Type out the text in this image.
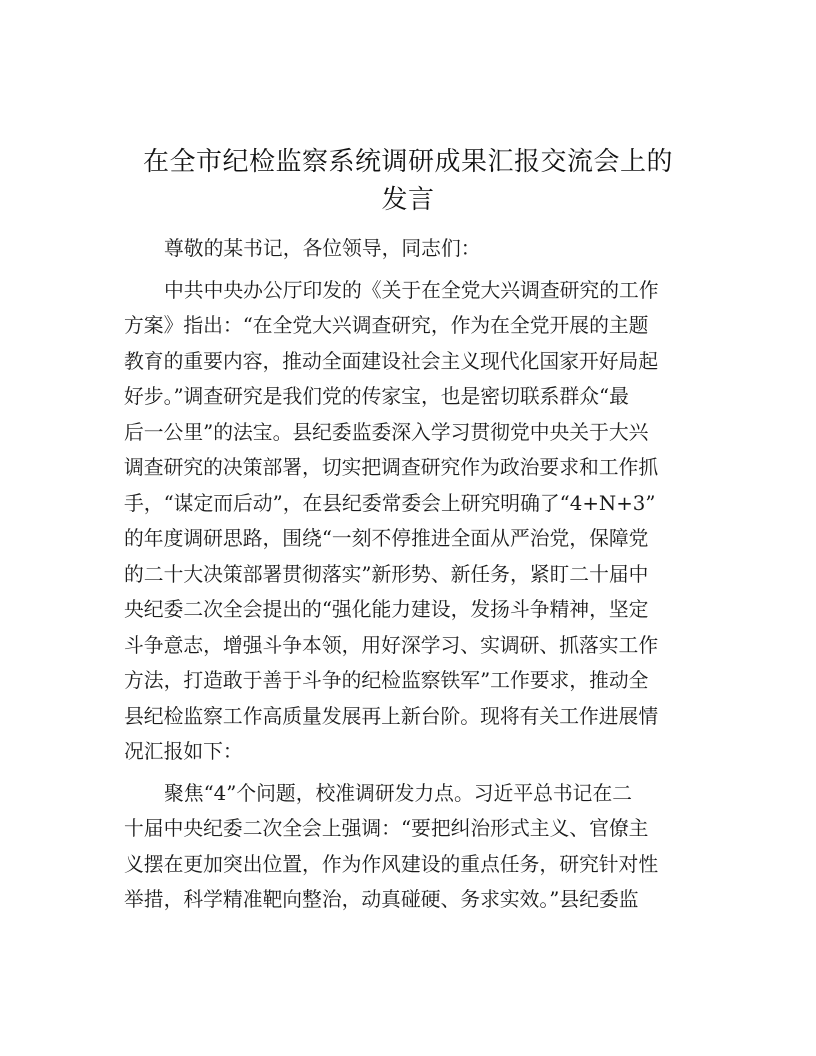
在全市纪检监察系统调研成果汇报交流会上的
发言

尊敬的某书记，各位领导，同志们：

中共中央办公厅印发的《关于在全党大兴调查研究的工作
方案》指出：“在全党大兴调查研究，作为在全党开展的主题
教育的重要内容，推动全面建设社会主义现代化国家开好局起
好步。”调查研究是我们党的传家宝，也是密切联系群众“最
后一公里”的法宝。县纪委监委深入学习贯彻党中央关于大兴
调查研究的决策部署，切实把调查研究作为政治要求和工作抓
手，“谋定而后动”，在县纪委常委会上研究明确了“4+N+3”
的年度调研思路，围绕“一刻不停推进全面从严治党，保障党
的二十大决策部署贯彻落实”新形势、新任务，紧盯二十届中
央纪委二次全会提出的“强化能力建设，发扬斗争精神，坚定
斗争意志，增强斗争本领，用好深学习、实调研、抓落实工作
方法，打造敢于善于斗争的纪检监察铁军”工作要求，推动全
县纪检监察工作高质量发展再上新台阶。现将有关工作进展情
况汇报如下：

聚焦“4”个问题，校准调研发力点。习近平总书记在二
十届中央纪委二次全会上强调：“要把纠治形式主义、官僚主
义摆在更加突出位置，作为作风建设的重点任务，研究针对性
举措，科学精准靶向整治，动真碰硬、务求实效。”县纪委监
